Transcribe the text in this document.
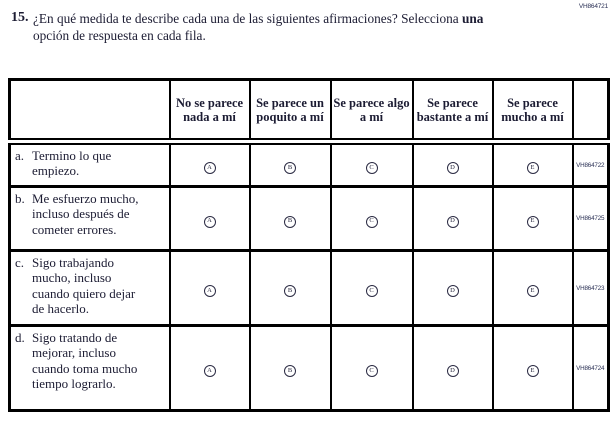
VH864721
15. ¿En qué medida te describe cada una de las siguientes afirmaciones? Selecciona una
opción de respuesta en cada fila.
	No se parece nada a mí	Se parece un poquito a mí	Se parece algo a mí	Se parece bastante a mí	Se parece mucho a mí	

a. Termino lo que empiezo.	A	B	C	D	E	VH864722

b. Me esfuerzo mucho, incluso después de cometer errores.	A	B	C	D	E	VH864725

c. Sigo trabajando mucho, incluso cuando quiero dejar de hacerlo.	A	B	C	D	E	VH864723

d. Sigo tratando de mejorar, incluso cuando toma mucho tiempo lograrlo.	A	B	C	D	E	VH864724
